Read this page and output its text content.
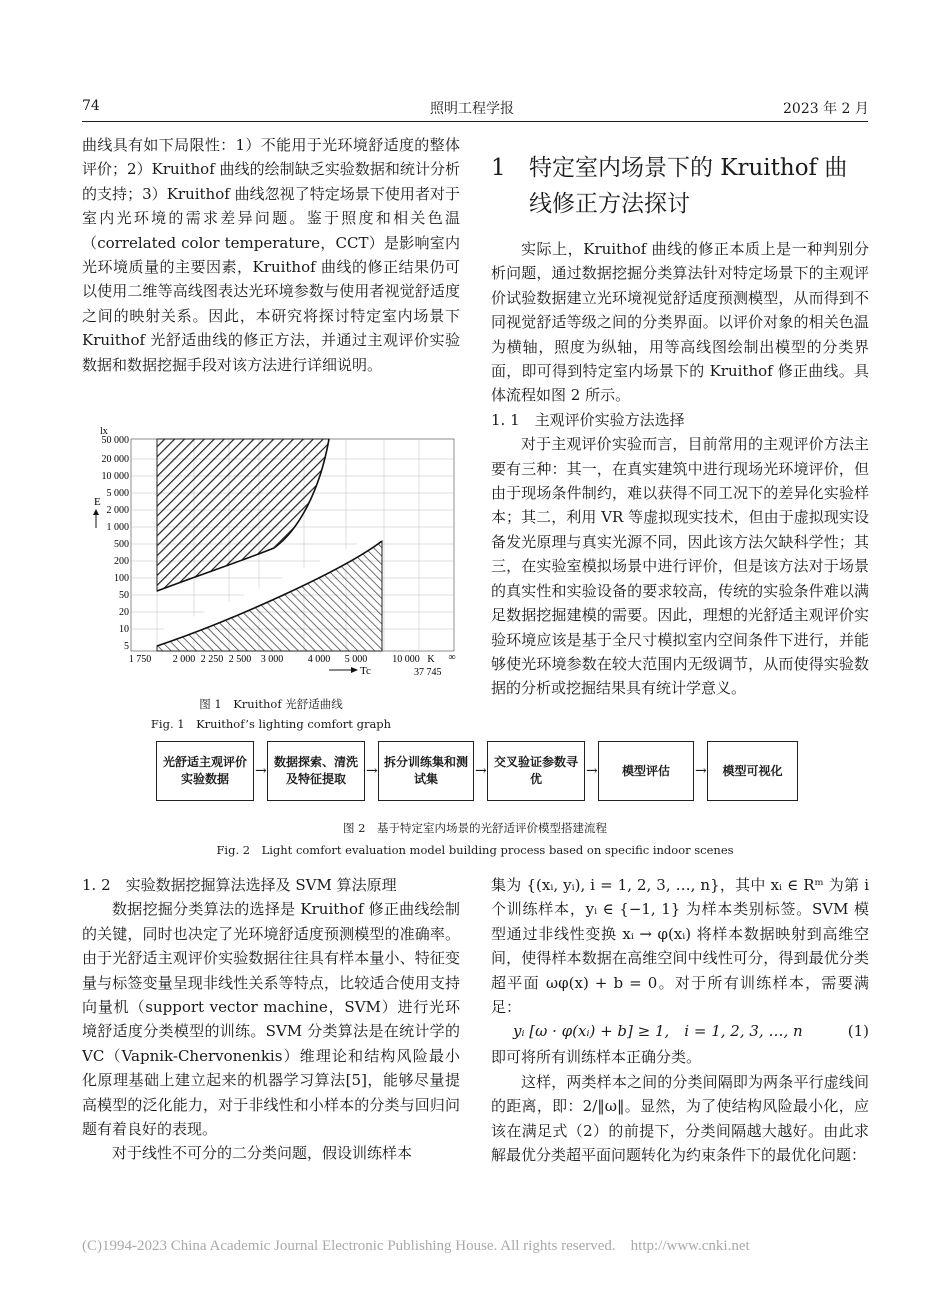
74	照明工程学报	2023 年 2 月

曲线具有如下局限性：1）不能用于光环境舒适度的整体评价；2）Kruithof 曲线的绘制缺乏实验数据和统计分析的支持；3）Kruithof 曲线忽视了特定场景下使用者对于室内光环境的需求差异问题。鉴于照度和相关色温（correlated color temperature，CCT）是影响室内光环境质量的主要因素，Kruithof 曲线的修正结果仍可以使用二维等高线图表达光环境参数与使用者视觉舒适度之间的映射关系。因此，本研究将探讨特定室内场景下 Kruithof 光舒适曲线的修正方法，并通过主观评价实验数据和数据挖掘手段对该方法进行详细说明。

lx
E
50 000
20 000
10 000
5 000
2 000
1 000
500
200
100
50
20
10
5
1 750 2 000 2 250 2 500 3 000 4 000 5 000	10 000 K ∞
Tc	37 745
图 1　Kruithof 光舒适曲线
Fig. 1　Kruithof’s lighting comfort graph
1 特定室内场景下的 Kruithof 曲线修正方法探讨

实际上，Kruithof 曲线的修正本质上是一种判别分析问题，通过数据挖掘分类算法针对特定场景下的主观评价试验数据建立光环境视觉舒适度预测模型，从而得到不同视觉舒适等级之间的分类界面。以评价对象的相关色温为横轴，照度为纵轴，用等高线图绘制出模型的分类界面，即可得到特定室内场景下的 Kruithof 修正曲线。具体流程如图 2 所示。

1. 1　主观评价实验方法选择

对于主观评价实验而言，目前常用的主观评价方法主要有三种：其一，在真实建筑中进行现场光环境评价，但由于现场条件制约，难以获得不同工况下的差异化实验样本；其二，利用 VR 等虚拟现实技术，但由于虚拟现实设备发光原理与真实光源不同，因此该方法欠缺科学性；其三，在实验室模拟场景中进行评价，但是该方法对于场景的真实性和实验设备的要求较高，传统的实验条件难以满足数据挖掘建模的需要。因此，理想的光舒适主观评价实验环境应该是基于全尺寸模拟室内空间条件下进行，并能够使光环境参数在较大范围内无级调节，从而使得实验数据的分析或挖掘结果具有统计学意义。

光舒适主观评价实验数据	→
数据探索、清洗及特征提取	→
拆分训练集和测试集	→
交叉验证参数寻优	→	模型评估	→	模型可视化
图 2　基于特定室内场景的光舒适评价模型搭建流程
Fig. 2　Light comfort evaluation model building process based on specific indoor scenes

1. 2　实验数据挖掘算法选择及 SVM 算法原理

数据挖掘分类算法的选择是 Kruithof 修正曲线绘制的关键，同时也决定了光环境舒适度预测模型的准确率。由于光舒适主观评价实验数据往往具有样本量小、特征变量与标签变量呈现非线性关系等特点，比较适合使用支持向量机（support vector machine，SVM）进行光环境舒适度分类模型的训练。SVM 分类算法是在统计学的 VC（Vapnik-Chervonenkis）维理论和结构风险最小化原理基础上建立起来的机器学习算法[5]，能够尽量提高模型的泛化能力，对于非线性和小样本的分类与回归问题有着良好的表现。

对于线性不可分的二分类问题，假设训练样本

集为 {(xᵢ, yᵢ), i = 1, 2, 3, …, n}，其中 xᵢ ∈ Rᵐ 为第 i 个训练样本，yᵢ ∈ {−1, 1} 为样本类别标签。SVM 模型通过非线性变换 xᵢ → φ(xᵢ) 将样本数据映射到高维空间，使得样本数据在高维空间中线性可分，得到最优分类超平面 ωφ(x) + b = 0。对于所有训练样本，需要满足：

yᵢ [ω · φ(xᵢ) + b] ≥ 1,　i = 1, 2, 3, …, n	(1)

即可将所有训练样本正确分类。

这样，两类样本之间的分类间隔即为两条平行虚线间的距离，即：2/‖ω‖。显然，为了使结构风险最小化，应该在满足式（2）的前提下，分类间隔越大越好。由此求解最优分类超平面问题转化为约束条件下的最优化问题：

(C)1994-2023 China Academic Journal Electronic Publishing House. All rights reserved.　http://www.cnki.net
